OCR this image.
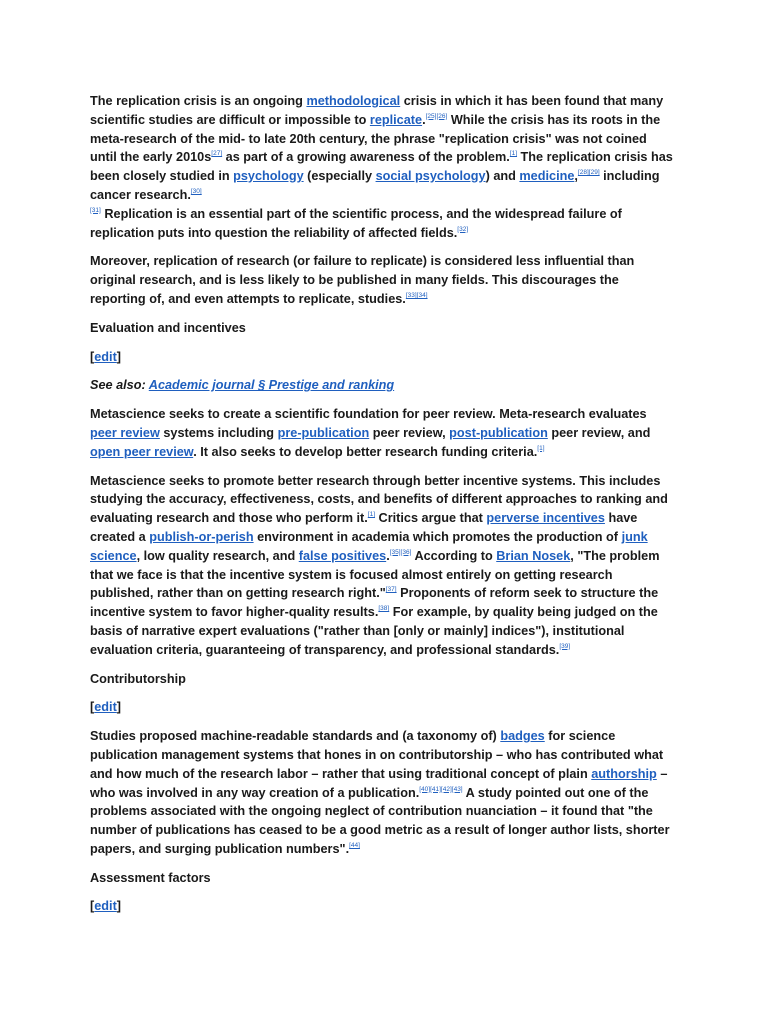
The replication crisis is an ongoing methodological crisis in which it has been found that many scientific studies are difficult or impossible to replicate.[25][26] While the crisis has its roots in the meta-research of the mid- to late 20th century, the phrase "replication crisis" was not coined until the early 2010s[27] as part of a growing awareness of the problem.[1] The replication crisis has been closely studied in psychology (especially social psychology) and medicine,[28][29] including cancer research.[30]
[31] Replication is an essential part of the scientific process, and the widespread failure of replication puts into question the reliability of affected fields.[32]

Moreover, replication of research (or failure to replicate) is considered less influential than original research, and is less likely to be published in many fields. This discourages the reporting of, and even attempts to replicate, studies.[33][34]

Evaluation and incentives

[edit]

See also: Academic journal § Prestige and ranking

Metascience seeks to create a scientific foundation for peer review. Meta-research evaluates peer review systems including pre-publication peer review, post-publication peer review, and open peer review. It also seeks to develop better research funding criteria.[1]

Metascience seeks to promote better research through better incentive systems. This includes studying the accuracy, effectiveness, costs, and benefits of different approaches to ranking and evaluating research and those who perform it.[1] Critics argue that perverse incentives have created a publish-or-perish environment in academia which promotes the production of junk science, low quality research, and false positives.[35][36] According to Brian Nosek, "The problem that we face is that the incentive system is focused almost entirely on getting research published, rather than on getting research right."[37] Proponents of reform seek to structure the incentive system to favor higher-quality results.[38] For example, by quality being judged on the basis of narrative expert evaluations ("rather than [only or mainly] indices"), institutional evaluation criteria, guaranteeing of transparency, and professional standards.[39]

Contributorship

[edit]

Studies proposed machine-readable standards and (a taxonomy of) badges for science publication management systems that hones in on contributorship – who has contributed what and how much of the research labor – rather that using traditional concept of plain authorship – who was involved in any way creation of a publication.[40][41][42][43] A study pointed out one of the problems associated with the ongoing neglect of contribution nuanciation – it found that "the number of publications has ceased to be a good metric as a result of longer author lists, shorter papers, and surging publication numbers".[44]

Assessment factors

[edit]
